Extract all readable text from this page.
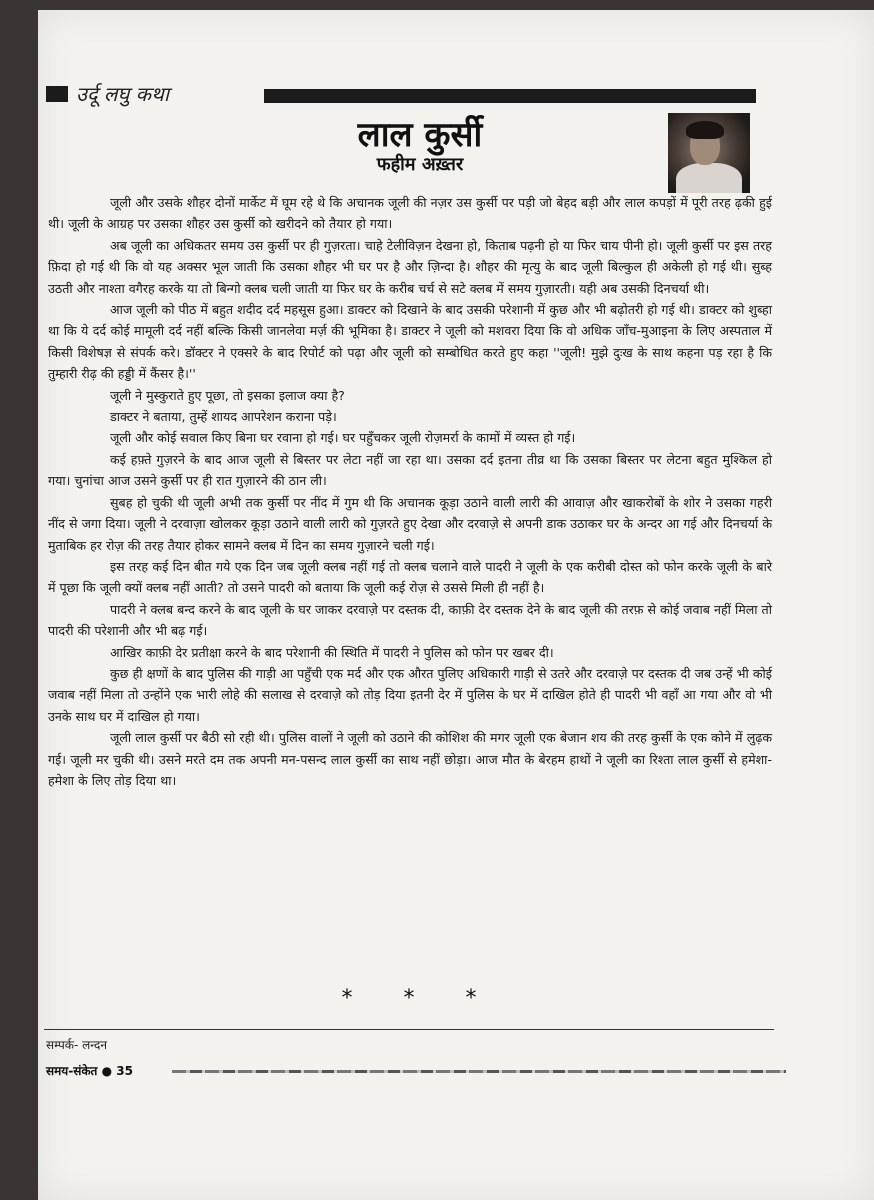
उर्दू लघु कथा
लाल कुर्सी
फहीम अख़्तर

जूली और उसके शौहर दोनों मार्केट में घूम रहे थे कि अचानक जूली की नज़र उस कुर्सी पर पड़ी जो बेहद बड़ी और लाल कपड़ों में पूरी तरह ढ़की हुई थी। जूली के आग्रह पर उसका शौहर उस कुर्सी को खरीदने को तैयार हो गया।

अब जूली का अधिकतर समय उस कुर्सी पर ही गुज़रता। चाहे टेलीविज़न देखना हो, किताब पढ़नी हो या फिर चाय पीनी हो। जूली कुर्सी पर इस तरह फ़िदा हो गई थी कि वो यह अक्सर भूल जाती कि उसका शौहर भी घर पर है और ज़िन्दा है। शौहर की मृत्यु के बाद जूली बिल्कुल ही अकेली हो गई थी। सुब्ह उठती और नाश्ता वगैरह करके या तो बिन्गो क्लब चली जाती या फिर घर के करीब चर्च से सटे क्लब में समय गुज़ारती। यही अब उसकी दिनचर्या थी।

आज जूली को पीठ में बहुत शदीद दर्द महसूस हुआ। डाक्टर को दिखाने के बाद उसकी परेशानी में कुछ और भी बढ़ोतरी हो गई थी। डाक्टर को शुब्हा था कि ये दर्द कोई मामूली दर्द नहीं बल्कि किसी जानलेवा मर्ज़ की भूमिका है। डाक्टर ने जूली को मशवरा दिया कि वो अधिक जाँच-मुआइना के लिए अस्पताल में किसी विशेषज्ञ से संपर्क करे। डॉक्टर ने एक्सरे के बाद रिपोर्ट को पढ़ा और जूली को सम्बोधित करते हुए कहा ''जूली! मुझे दुःख के साथ कहना पड़ रहा है कि तुम्हारी रीढ़ की हड्डी में कैंसर है।''

जूली ने मुस्कुराते हुए पूछा, तो इसका इलाज क्या है?

डाक्टर ने बताया, तुम्हें शायद आपरेशन कराना पड़े।

जूली और कोई सवाल किए बिना घर रवाना हो गई। घर पहुँचकर जूली रोज़मर्रा के कामों में व्यस्त हो गई।

कई हफ़्ते गुज़रने के बाद आज जूली से बिस्तर पर लेटा नहीं जा रहा था। उसका दर्द इतना तीव्र था कि उसका बिस्तर पर लेटना बहुत मुश्किल हो गया। चुनांचा आज उसने कुर्सी पर ही रात गुज़ारने की ठान ली।

सुबह हो चुकी थी जूली अभी तक कुर्सी पर नींद में गुम थी कि अचानक कूड़ा उठाने वाली लारी की आवाज़ और खाकरोबों के शोर ने उसका गहरी नींद से जगा दिया। जूली ने दरवाज़ा खोलकर कूड़ा उठाने वाली लारी को गुज़रते हुए देखा और दरवाज़े से अपनी डाक उठाकर घर के अन्दर आ गई और दिनचर्या के मुताबिक हर रोज़ की तरह तैयार होकर सामने क्लब में दिन का समय गुज़ारने चली गई।

इस तरह कई दिन बीत गये एक दिन जब जूली क्लब नहीं गई तो क्लब चलाने वाले पादरी ने जूली के एक करीबी दोस्त को फोन करके जूली के बारे में पूछा कि जूली क्यों क्लब नहीं आती? तो उसने पादरी को बताया कि जूली कई रोज़ से उससे मिली ही नहीं है।

पादरी ने क्लब बन्द करने के बाद जूली के घर जाकर दरवाज़े पर दस्तक दी, काफ़ी देर दस्तक देने के बाद जूली की तरफ़ से कोई जवाब नहीं मिला तो पादरी की परेशानी और भी बढ़ गई।

आखिर काफ़ी देर प्रतीक्षा करने के बाद परेशानी की स्थिति में पादरी ने पुलिस को फोन पर खबर दी।

कुछ ही क्षणों के बाद पुलिस की गाड़ी आ पहुँची एक मर्द और एक औरत पुलिए अधिकारी गाड़ी से उतरे और दरवाज़े पर दस्तक दी जब उन्हें भी कोई जवाब नहीं मिला तो उन्होंने एक भारी लोहे की सलाख से दरवाज़े को तोड़ दिया इतनी देर में पुलिस के घर में दाखिल होते ही पादरी भी वहाँ आ गया और वो भी उनके साथ घर में दाखिल हो गया।

जूली लाल कुर्सी पर बैठी सो रही थी। पुलिस वालों ने जूली को उठाने की कोशिश की मगर जूली एक बेजान शय की तरह कुर्सी के एक कोने में लुढ़क गई। जूली मर चुकी थी। उसने मरते दम तक अपनी मन-पसन्द लाल कुर्सी का साथ नहीं छोड़ा। आज मौत के बेरहम हाथों ने जूली का रिश्ता लाल कुर्सी से हमेशा-हमेशा के लिए तोड़ दिया था।

* * *
सम्पर्क- लन्दन
समय-संकेत ● 35
